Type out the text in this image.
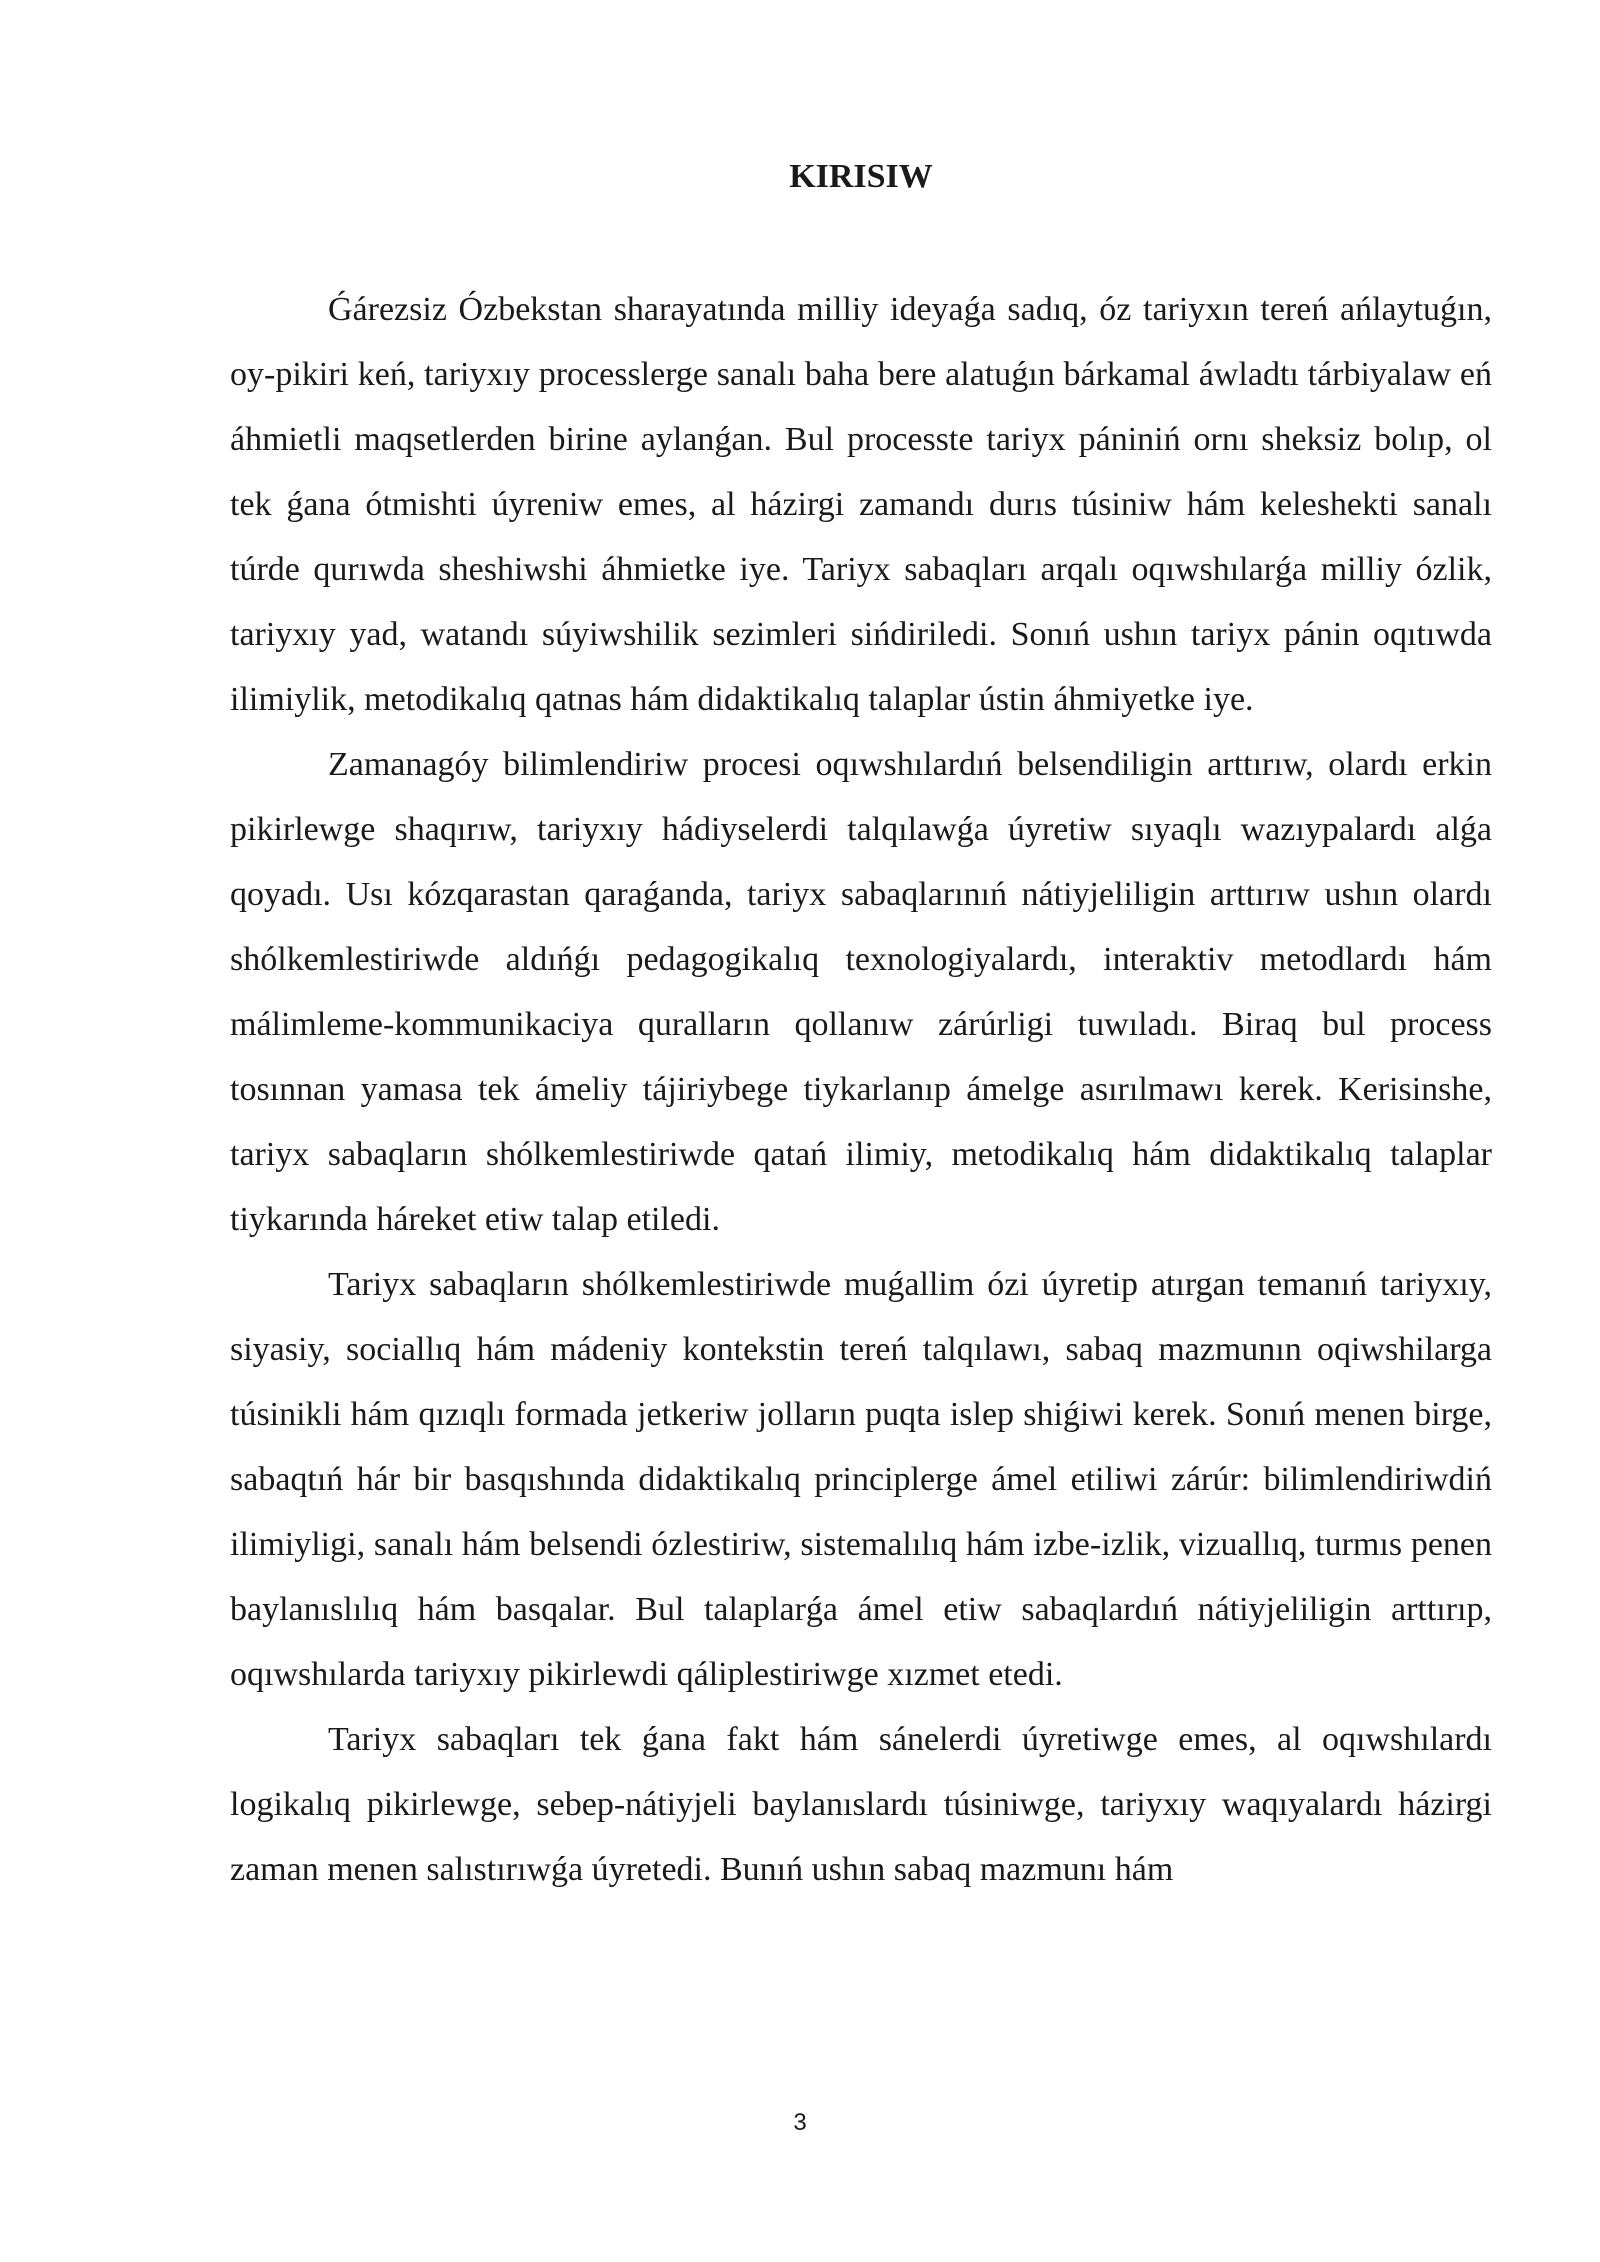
KIRISIW

Ǵárezsiz Ózbekstan sharayatında milliy ideyaǵa sadıq, óz tariyxın tereń ańlaytuǵın, oy-pikiri keń, tariyxıy processlerge sanalı baha bere alatuǵın bárkamal áwladtı tárbiyalaw eń áhmietli maqsetlerden birine aylanǵan. Bul processte tariyx pániniń ornı sheksiz bolıp, ol tek ǵana ótmishti úyreniw emes, al házirgi zamandı durıs túsiniw hám keleshekti sanalı túrde qurıwda sheshiwshi áhmietke iye. Tariyx sabaqları arqalı oqıwshılarǵa milliy ózlik, tariyxıy yad, watandı súyiwshilik sezimleri sińdiriledi. Sonıń ushın tariyx pánin oqıtıwda ilimiylik, metodikalıq qatnas hám didaktikalıq talaplar ústin áhmiyetke iye.

Zamanagóy bilimlendiriw procesi oqıwshılardıń belsendiligin arttırıw, olardı erkin pikirlewge shaqırıw, tariyxıy hádiyselerdi talqılawǵa úyretiw sıyaqlı wazıypalardı alǵa qoyadı. Usı kózqarastan qaraǵanda, tariyx sabaqlarınıń nátiyjeliligin arttırıw ushın olardı shólkemlestiriwde aldıńǵı pedagogikalıq texnologiyalardı, interaktiv metodlardı hám málimleme-kommunikaciya quralların qollanıw zárúrligi tuwıladı. Biraq bul process tosınnan yamasa tek ámeliy tájiriybege tiykarlanıp ámelge asırılmawı kerek. Kerisinshe, tariyx sabaqların shólkemlestiriwde qatań ilimiy, metodikalıq hám didaktikalıq talaplar tiykarında háreket etiw talap etiledi.

Tariyx sabaqların shólkemlestiriwde muǵallim ózi úyretip atırgan temanıń tariyxıy, siyasiy, sociallıq hám mádeniy kontekstin tereń talqılawı, sabaq mazmunın oqiwshilarga túsinikli hám qızıqlı formada jetkeriw jolların puqta islep shiǵiwi kerek. Sonıń menen birge, sabaqtıń hár bir basqıshında didaktikalıq principlerge ámel etiliwi zárúr: bilimlendiriwdiń ilimiyligi, sanalı hám belsendi ózlestiriw, sistemalılıq hám izbe-izlik, vizuallıq, turmıs penen baylanıslılıq hám basqalar. Bul talaplarǵa ámel etiw sabaqlardıń nátiyjeliligin arttırıp, oqıwshılarda tariyxıy pikirlewdi qáliplestiriwge xızmet etedi.

Tariyx sabaqları tek ǵana fakt hám sánelerdi úyretiwge emes, al oqıwshılardı logikalıq pikirlewge, sebep-nátiyjeli baylanıslardı túsiniwge, tariyxıy waqıyalardı házirgi zaman menen salıstırıwǵa úyretedi. Bunıń ushın sabaq mazmunı hám

3
